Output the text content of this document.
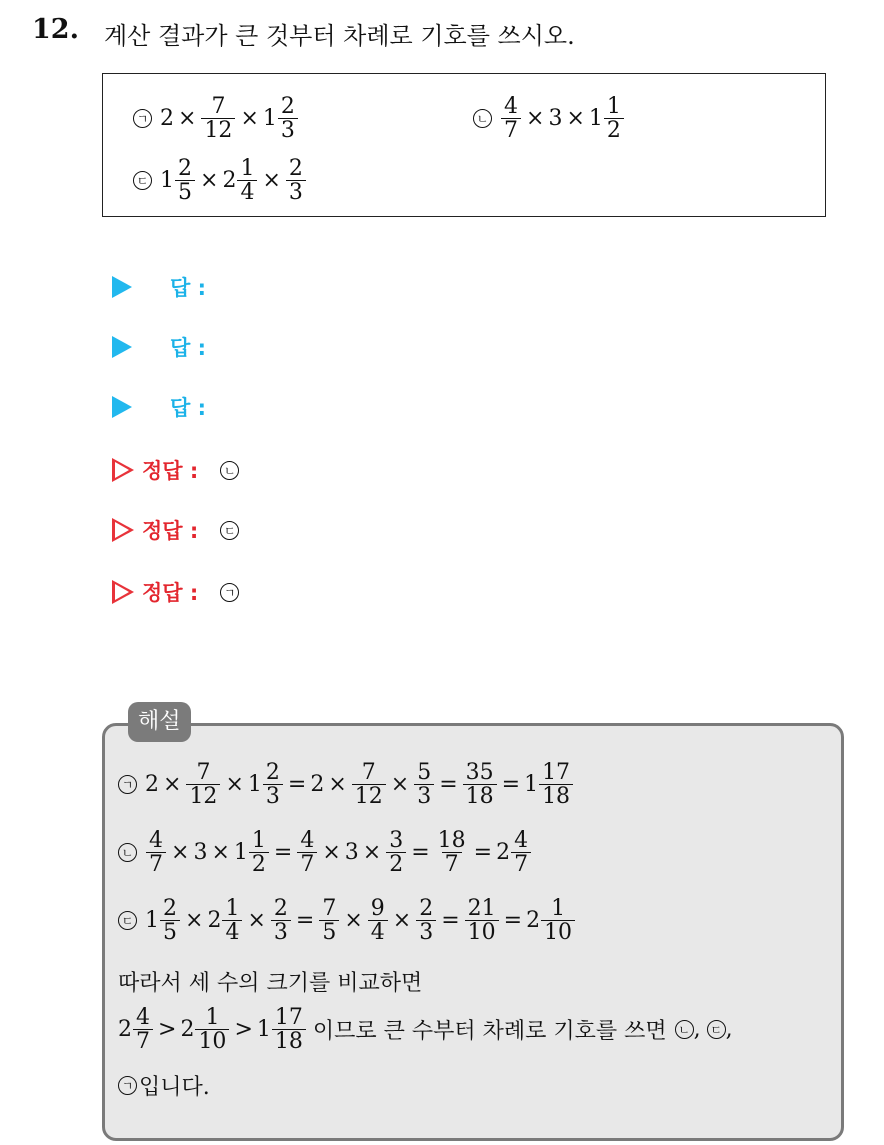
12. 계산 결과가 큰 것부터 차례로 기호를 쓰시오.
ㄱ $2 \times \frac{7}{12} \times 1 \frac{2}{3}$	ㄴ $\frac{4}{7} \times 3 \times 1 \frac{1}{2}$
ㄷ $1 \frac{2}{5} \times 2 \frac{1}{4} \times \frac{2}{3}$
답 :
답 :
답 :
정답 :	ㄴ
정답 :	ㄷ
정답 :	ㄱ
해설
ㄱ $2 \times \frac{7}{12} \times 1 \frac{2}{3} = 2 \times \frac{7}{12} \times \frac{5}{3} = \frac{35}{18} = 1 \frac{17}{18}$
ㄴ $\frac{4}{7} \times 3 \times 1 \frac{1}{2} = \frac{4}{7} \times 3 \times \frac{3}{2} = \frac{18}{7} = 2 \frac{4}{7}$
ㄷ $1 \frac{2}{5} \times 2 \frac{1}{4} \times \frac{2}{3} = \frac{7}{5} \times \frac{9}{4} \times \frac{2}{3} = \frac{21}{10} = 2 \frac{1}{10}$
따라서 세 수의 크기를 비교하면
$2 \frac{4}{7} > 2 \frac{1}{10} > 1 \frac{17}{18}$ 이므로 큰 수부터 차례로 기호를 쓰면 ㄴ , ㄷ ,
ㄱ 입니다.
